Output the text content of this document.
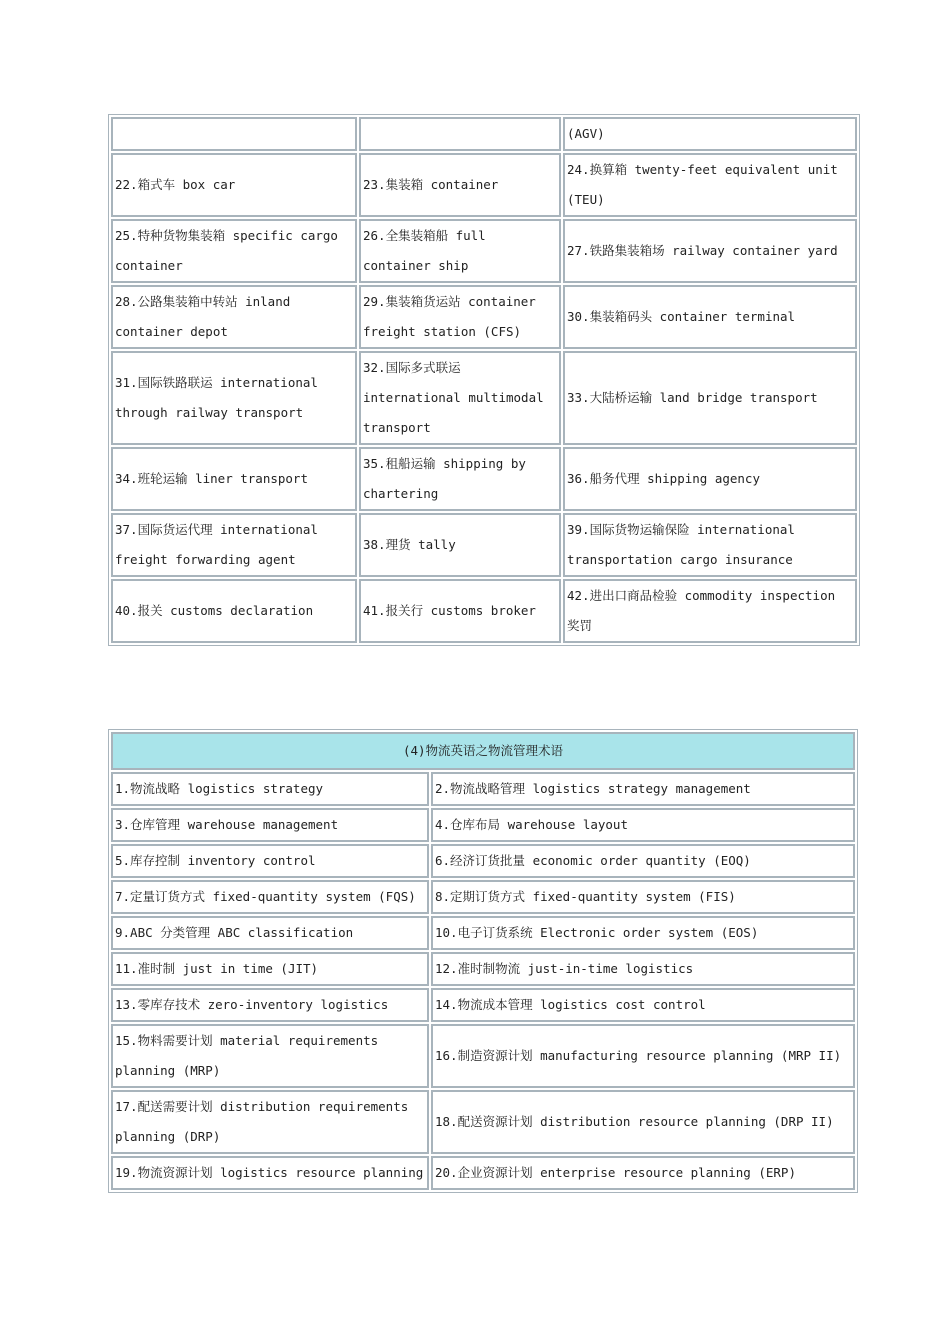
		(AGV)
22.箱式车 box car	23.集装箱 container	24.换算箱 twenty-feet equivalent unit (TEU)
25.特种货物集装箱 specific cargo container	26.全集装箱船 full container ship	27.铁路集装箱场 railway container yard
28.公路集装箱中转站 inland container depot	29.集装箱货运站 container freight station (CFS)	30.集装箱码头 container terminal
31.国际铁路联运 international through railway transport	32.国际多式联运 international multimodal transport	33.大陆桥运输 land bridge transport
34.班轮运输 liner transport	35.租船运输 shipping by chartering	36.船务代理 shipping agency
37.国际货运代理 international freight forwarding agent	38.理货 tally	39.国际货物运输保险 international transportation cargo insurance
40.报关 customs declaration	41.报关行 customs broker	42.进出口商品检验 commodity inspection 奖罚
(4)物流英语之物流管理术语	
1.物流战略 logistics strategy	2.物流战略管理 logistics strategy management
3.仓库管理 warehouse management	4.仓库布局 warehouse layout
5.库存控制 inventory control	6.经济订货批量 economic order quantity (EOQ)
7.定量订货方式 fixed-quantity system (FQS)	8.定期订货方式 fixed-quantity system (FIS)
9.ABC 分类管理 ABC classification	10.电子订货系统 Electronic order system (EOS)
11.准时制 just in time (JIT)	12.准时制物流 just-in-time logistics
13.零库存技术 zero-inventory logistics	14.物流成本管理 logistics cost control
15.物料需要计划 material requirements planning (MRP)	16.制造资源计划 manufacturing resource planning (MRP II)
17.配送需要计划 distribution requirements planning (DRP)	18.配送资源计划 distribution resource planning (DRP II)
19.物流资源计划 logistics resource planning	20.企业资源计划 enterprise resource planning (ERP)
